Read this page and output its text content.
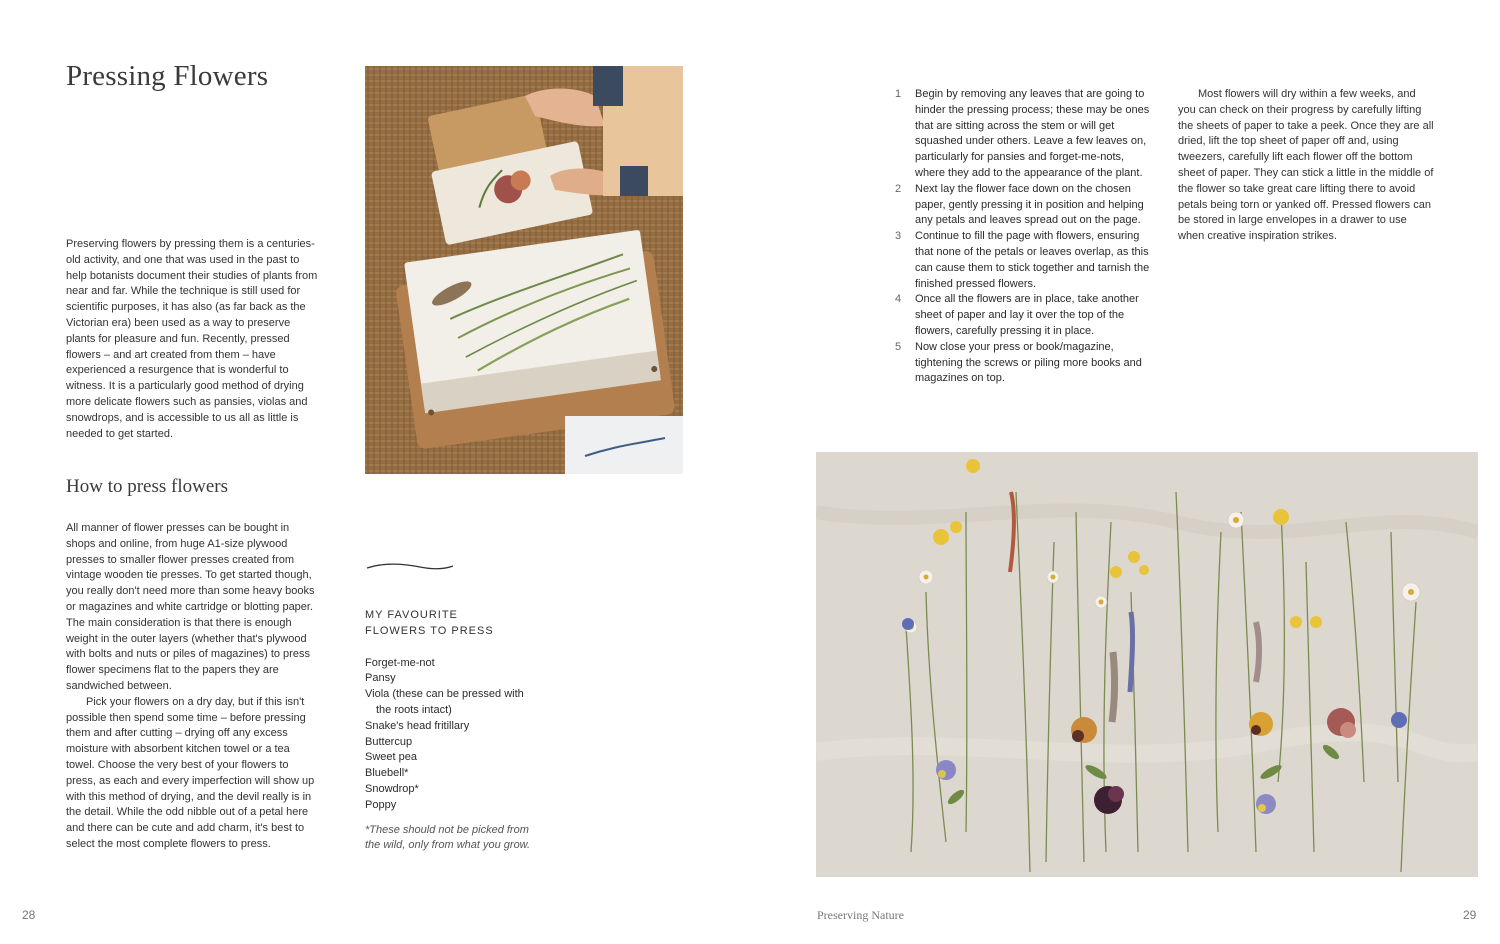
Pressing Flowers

Preserving flowers by pressing them is a centuries-old activity, and one that was used in the past to help botanists document their studies of plants from near and far. While the technique is still used for scientific purposes, it has also (as far back as the Victorian era) been used as a way to preserve plants for pleasure and fun. Recently, pressed flowers – and art created from them – have experienced a resurgence that is wonderful to witness. It is a particularly good method of drying more delicate flowers such as pansies, violas and snowdrops, and is accessible to us all as little is needed to get started.

How to press flowers

All manner of flower presses can be bought in shops and online, from huge A1-size plywood presses to smaller flower presses created from vintage wooden tie presses. To get started though, you really don't need more than some heavy books or magazines and white cartridge or blotting paper. The main consideration is that there is enough weight in the outer layers (whether that's plywood with bolts and nuts or piles of magazines) to press flower specimens flat to the papers they are sandwiched between.

Pick your flowers on a dry day, but if this isn't possible then spend some time – before pressing them and after cutting – drying off any excess moisture with absorbent kitchen towel or a tea towel. Choose the very best of your flowers to press, as each and every imperfection will show up with this method of drying, and the devil really is in the detail. While the odd nibble out of a petal here and there can be cute and add charm, it's best to select the most complete flowers to press.

MY FAVOURITE
FLOWERS TO PRESS
Forget-me-not
Pansy
Viola (these can be pressed with
the roots intact)
Snake's head fritillary
Buttercup
Sweet pea
Bluebell*
Snowdrop*
Poppy
*These should not be picked from the wild, only from what you grow.
28
1 Begin by removing any leaves that are going to hinder the pressing process; these may be ones that are sitting across the stem or will get squashed under others. Leave a few leaves on, particularly for pansies and forget-me-nots, where they add to the appearance of the plant.
2 Next lay the flower face down on the chosen paper, gently pressing it in position and helping any petals and leaves spread out on the page.
3 Continue to fill the page with flowers, ensuring that none of the petals or leaves overlap, as this can cause them to stick together and tarnish the finished pressed flowers.
4 Once all the flowers are in place, take another sheet of paper and lay it over the top of the flowers, carefully pressing it in place.
5 Now close your press or book/magazine, tightening the screws or piling more books and magazines on top.

Most flowers will dry within a few weeks, and you can check on their progress by carefully lifting the sheets of paper to take a peek. Once they are all dried, lift the top sheet of paper off and, using tweezers, carefully lift each flower off the bottom sheet of paper. They can stick a little in the middle of the flower so take great care lifting there to avoid petals being torn or yanked off. Pressed flowers can be stored in large envelopes in a drawer to use when creative inspiration strikes.

Preserving Nature	29
